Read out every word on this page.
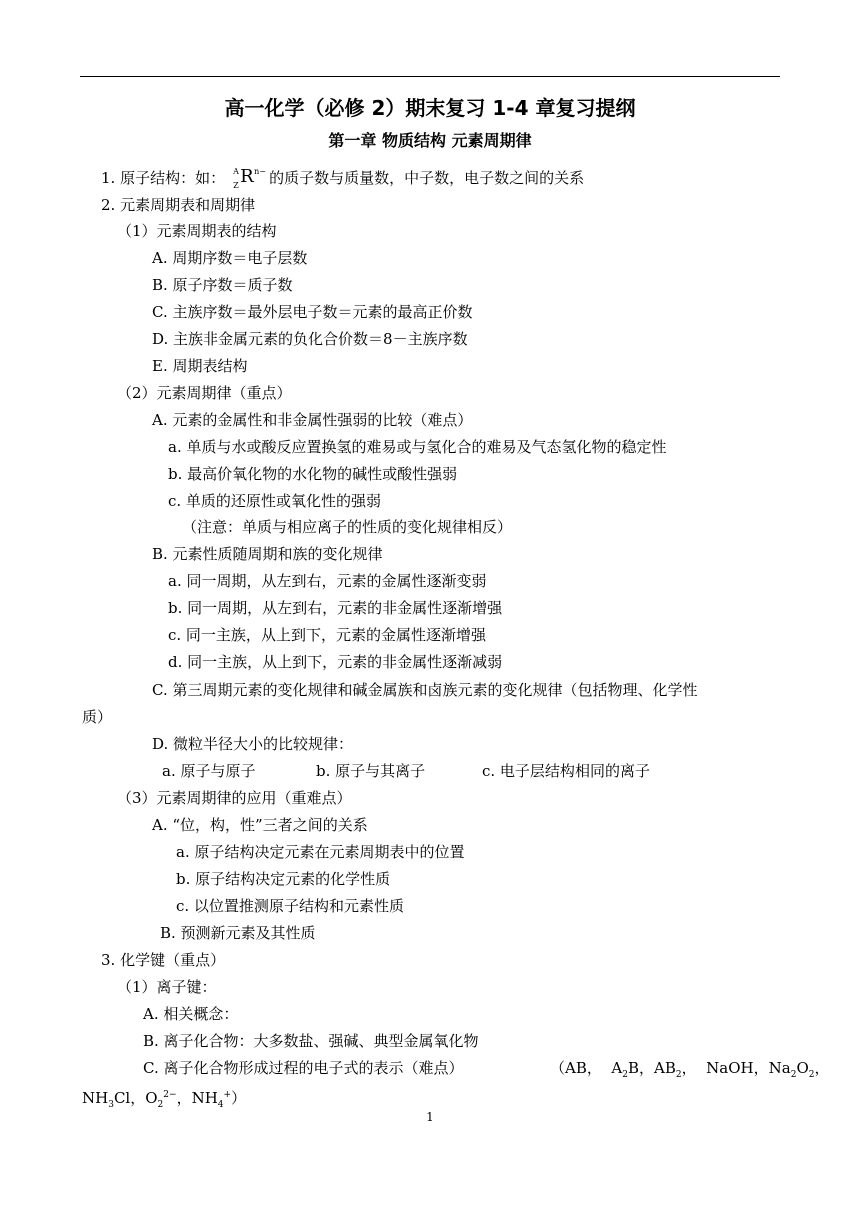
高一化学（必修 2）期末复习 1-4 章复习提纲
第一章 物质结构 元素周期律
1. 原子结构：如： A
Z R n− 的质子数与质量数，中子数，电子数之间的关系
2. 元素周期表和周期律
（1）元素周期表的结构
A. 周期序数＝电子层数
B. 原子序数＝质子数
C. 主族序数＝最外层电子数＝元素的最高正价数
D. 主族非金属元素的负化合价数＝8－主族序数
E. 周期表结构
（2）元素周期律（重点）
A. 元素的金属性和非金属性强弱的比较（难点）
a. 单质与水或酸反应置换氢的难易或与氢化合的难易及气态氢化物的稳定性
b. 最高价氧化物的水化物的碱性或酸性强弱
c. 单质的还原性或氧化性的强弱
（注意：单质与相应离子的性质的变化规律相反）
B. 元素性质随周期和族的变化规律
a. 同一周期，从左到右，元素的金属性逐渐变弱
b. 同一周期，从左到右，元素的非金属性逐渐增强
c. 同一主族，从上到下，元素的金属性逐渐增强
d. 同一主族，从上到下，元素的非金属性逐渐减弱
C. 第三周期元素的变化规律和碱金属族和卤族元素的变化规律（包括物理、化学性
质）
D. 微粒半径大小的比较规律：
a. 原子与原子	b. 原子与其离子	c. 电子层结构相同的离子
（3）元素周期律的应用（重难点）
A. “位，构，性”三者之间的关系
a. 原子结构决定元素在元素周期表中的位置
b. 原子结构决定元素的化学性质
c. 以位置推测原子结构和元素性质
B. 预测新元素及其性质
3. 化学键（重点）
（1）离子键：
A. 相关概念：
B. 离子化合物：大多数盐、强碱、典型金属氧化物
C. 离子化合物形成过程的电子式的表示（难点）	（AB， $A_2B$，$AB_2$， NaOH，$Na_2O_2$，
$NH_3Cl$，$O_2^{2-}$，$NH_4^+$）
1
